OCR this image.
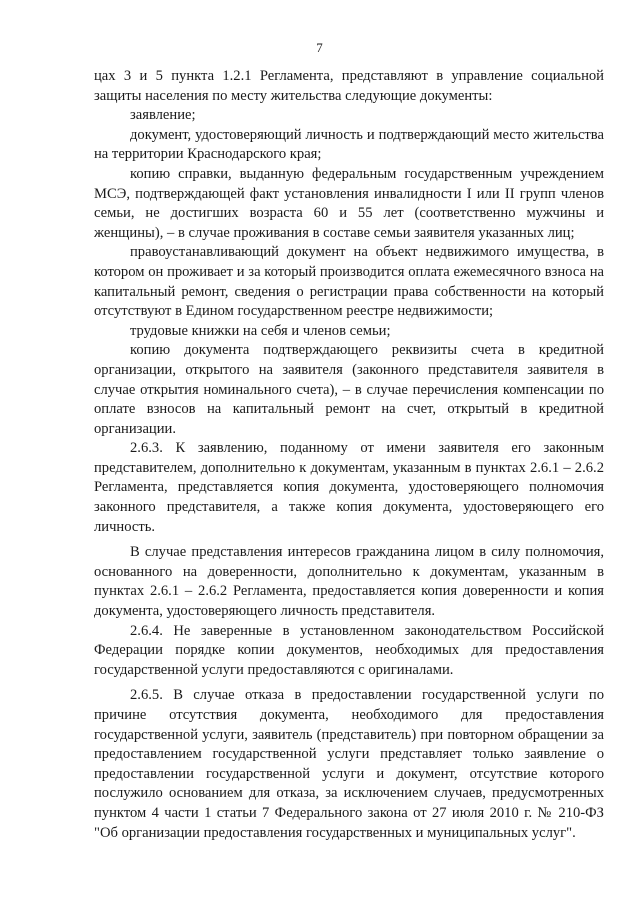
7

цах 3 и 5 пункта 1.2.1 Регламента, представляют в управление социальной защиты населения по месту жительства следующие документы:

заявление;

документ, удостоверяющий личность и подтверждающий место жительства на территории Краснодарского края;

копию справки, выданную федеральным государственным учреждением МСЭ, подтверждающей факт установления инвалидности I или II групп членов семьи, не достигших возраста 60 и 55 лет (соответственно мужчины и женщины), – в случае проживания в составе семьи заявителя указанных лиц;

правоустанавливающий документ на объект недвижимого имущества, в котором он проживает и за который производится оплата ежемесячного взноса на капитальный ремонт, сведения о регистрации права собственности на который отсутствуют в Едином государственном реестре недвижимости;

трудовые книжки на себя и членов семьи;

копию документа подтверждающего реквизиты счета в кредитной организации, открытого на заявителя (законного представителя заявителя в случае открытия номинального счета), – в случае перечисления компенсации по оплате взносов на капитальный ремонт на счет, открытый в кредитной организации.

2.6.3. К заявлению, поданному от имени заявителя его законным представителем, дополнительно к документам, указанным в пунктах 2.6.1 – 2.6.2 Регламента, представляется копия документа, удостоверяющего полномочия законного представителя, а также копия документа, удостоверяющего его личность.

В случае представления интересов гражданина лицом в силу полномочия, основанного на доверенности, дополнительно к документам, указанным в пунктах 2.6.1 – 2.6.2 Регламента, предоставляется копия доверенности и копия документа, удостоверяющего личность представителя.

2.6.4. Не заверенные в установленном законодательством Российской Федерации порядке копии документов, необходимых для предоставления государственной услуги предоставляются с оригиналами.

2.6.5. В случае отказа в предоставлении государственной услуги по причине отсутствия документа, необходимого для предоставления государственной услуги, заявитель (представитель) при повторном обращении за предоставлением государственной услуги представляет только заявление о предоставлении государственной услуги и документ, отсутствие которого послужило основанием для отказа, за исключением случаев, предусмотренных пунктом 4 части 1 статьи 7 Федерального закона от 27 июля 2010 г. № 210-ФЗ "Об организации предоставления государственных и муниципальных услуг".
